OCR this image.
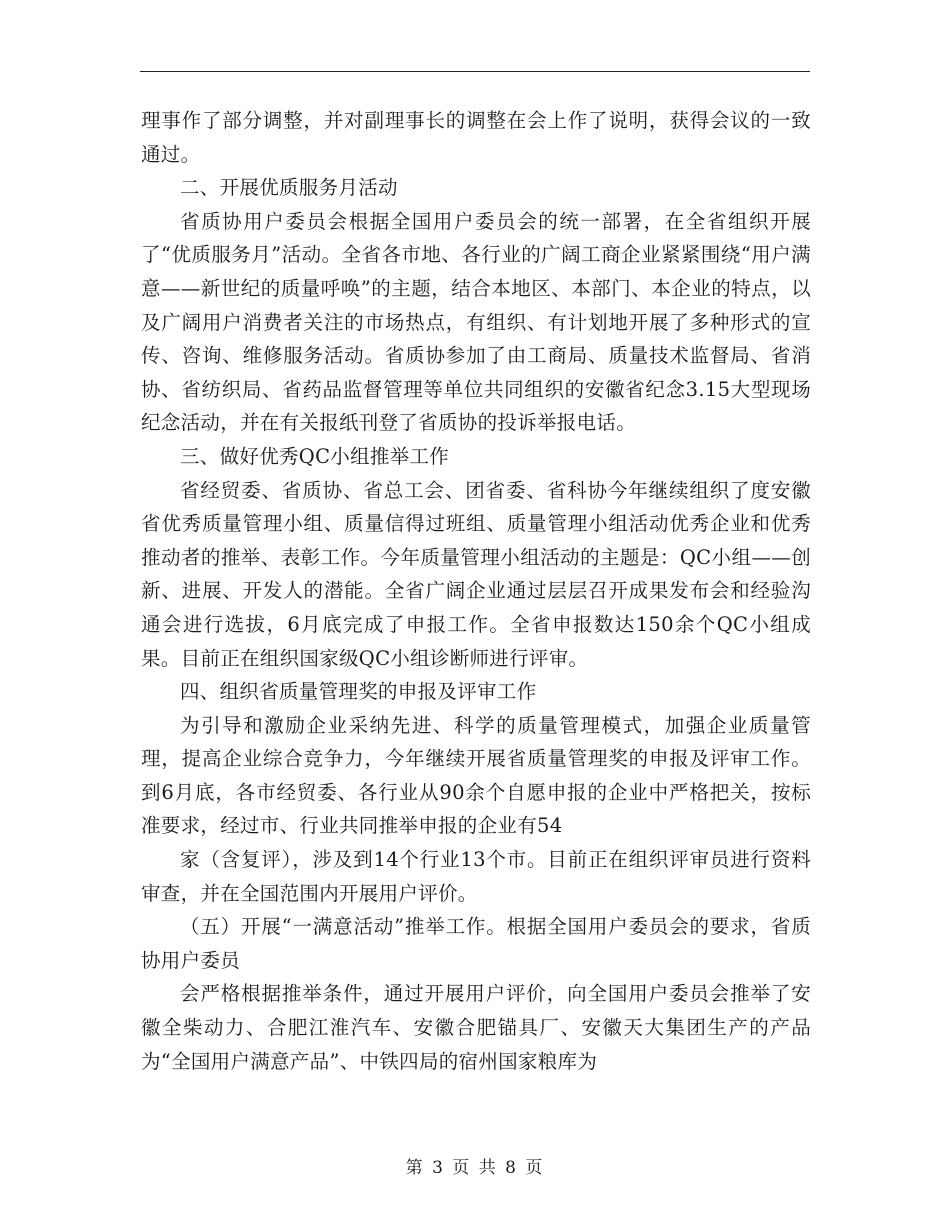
理事作了部分调整，并对副理事长的调整在会上作了说明，获得会议的一致通过。

二、开展优质服务月活动

省质协用户委员会根据全国用户委员会的统一部署，在全省组织开展了“优质服务月”活动。全省各市地、各行业的广阔工商企业紧紧围绕“用户满意——新世纪的质量呼唤”的主题，结合本地区、本部门、本企业的特点，以及广阔用户消费者关注的市场热点，有组织、有计划地开展了多种形式的宣传、咨询、维修服务活动。省质协参加了由工商局、质量技术监督局、省消协、省纺织局、省药品监督管理等单位共同组织的安徽省纪念3.15大型现场纪念活动，并在有关报纸刊登了省质协的投诉举报电话。

三、做好优秀QC小组推举工作

省经贸委、省质协、省总工会、团省委、省科协今年继续组织了度安徽省优秀质量管理小组、质量信得过班组、质量管理小组活动优秀企业和优秀推动者的推举、表彰工作。今年质量管理小组活动的主题是：QC小组——创新、进展、开发人的潜能。全省广阔企业通过层层召开成果发布会和经验沟通会进行选拔，6月底完成了申报工作。全省申报数达150余个QC小组成果。目前正在组织国家级QC小组诊断师进行评审。

四、组织省质量管理奖的申报及评审工作

为引导和激励企业采纳先进、科学的质量管理模式，加强企业质量管理，提高企业综合竞争力，今年继续开展省质量管理奖的申报及评审工作。到6月底，各市经贸委、各行业从90余个自愿申报的企业中严格把关，按标准要求，经过市、行业共同推举申报的企业有54

家（含复评），涉及到14个行业13个市。目前正在组织评审员进行资料审查，并在全国范围内开展用户评价。

（五）开展“一满意活动”推举工作。根据全国用户委员会的要求，省质协用户委员

会严格根据推举条件，通过开展用户评价，向全国用户委员会推举了安徽全柴动力、合肥江淮汽车、安徽合肥锚具厂、安徽天大集团生产的产品为“全国用户满意产品”、中铁四局的宿州国家粮库为

第 3 页 共 8 页
